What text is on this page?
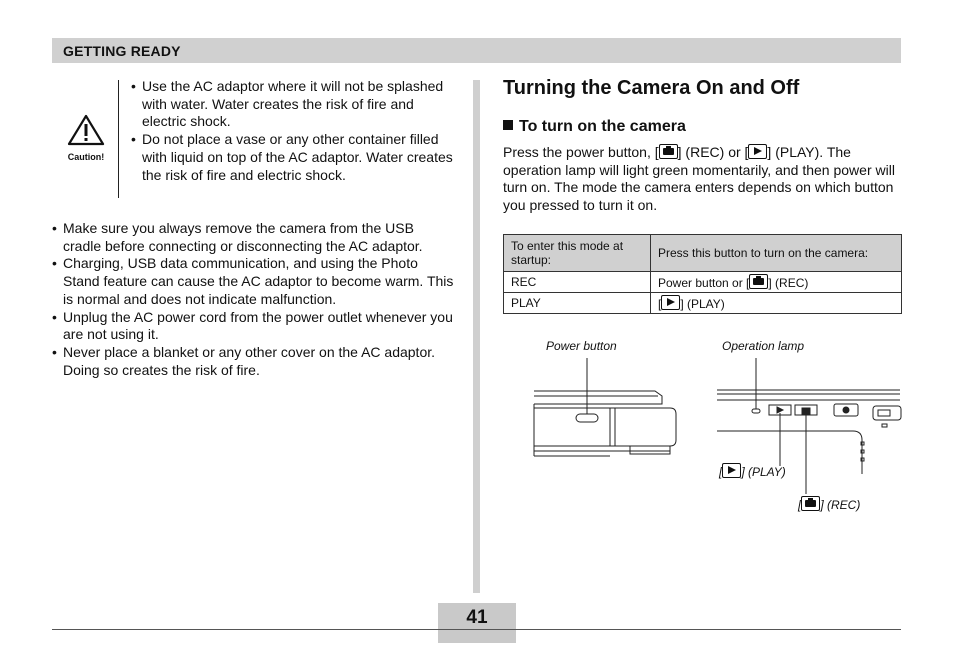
GETTING READY
Caution!
• Use the AC adaptor where it will not be splashed with water. Water creates the risk of fire and electric shock.
• Do not place a vase or any other container filled with liquid on top of the AC adaptor. Water creates the risk of fire and electric shock.
• Make sure you always remove the camera from the USB cradle before connecting or disconnecting the AC adaptor.
• Charging, USB data communication, and using the Photo Stand feature can cause the AC adaptor to become warm. This is normal and does not indicate malfunction.
• Unplug the AC power cord from the power outlet whenever you are not using it.
• Never place a blanket or any other cover on the AC adaptor. Doing so creates the risk of fire.
Turning the Camera On and Off
To turn on the camera

Press the power button, [ ] (REC) or [ ] (PLAY). The operation lamp will light green momentarily, and then power will turn on. The mode the camera enters depends on which button you pressed to turn it on.

To enter this mode at startup:	Press this button to turn on the camera:
REC	Power button or [ ] (REC)
PLAY	[ ] (PLAY)
Power button	Operation lamp
[ ] (PLAY)
[ ] (REC)
41
